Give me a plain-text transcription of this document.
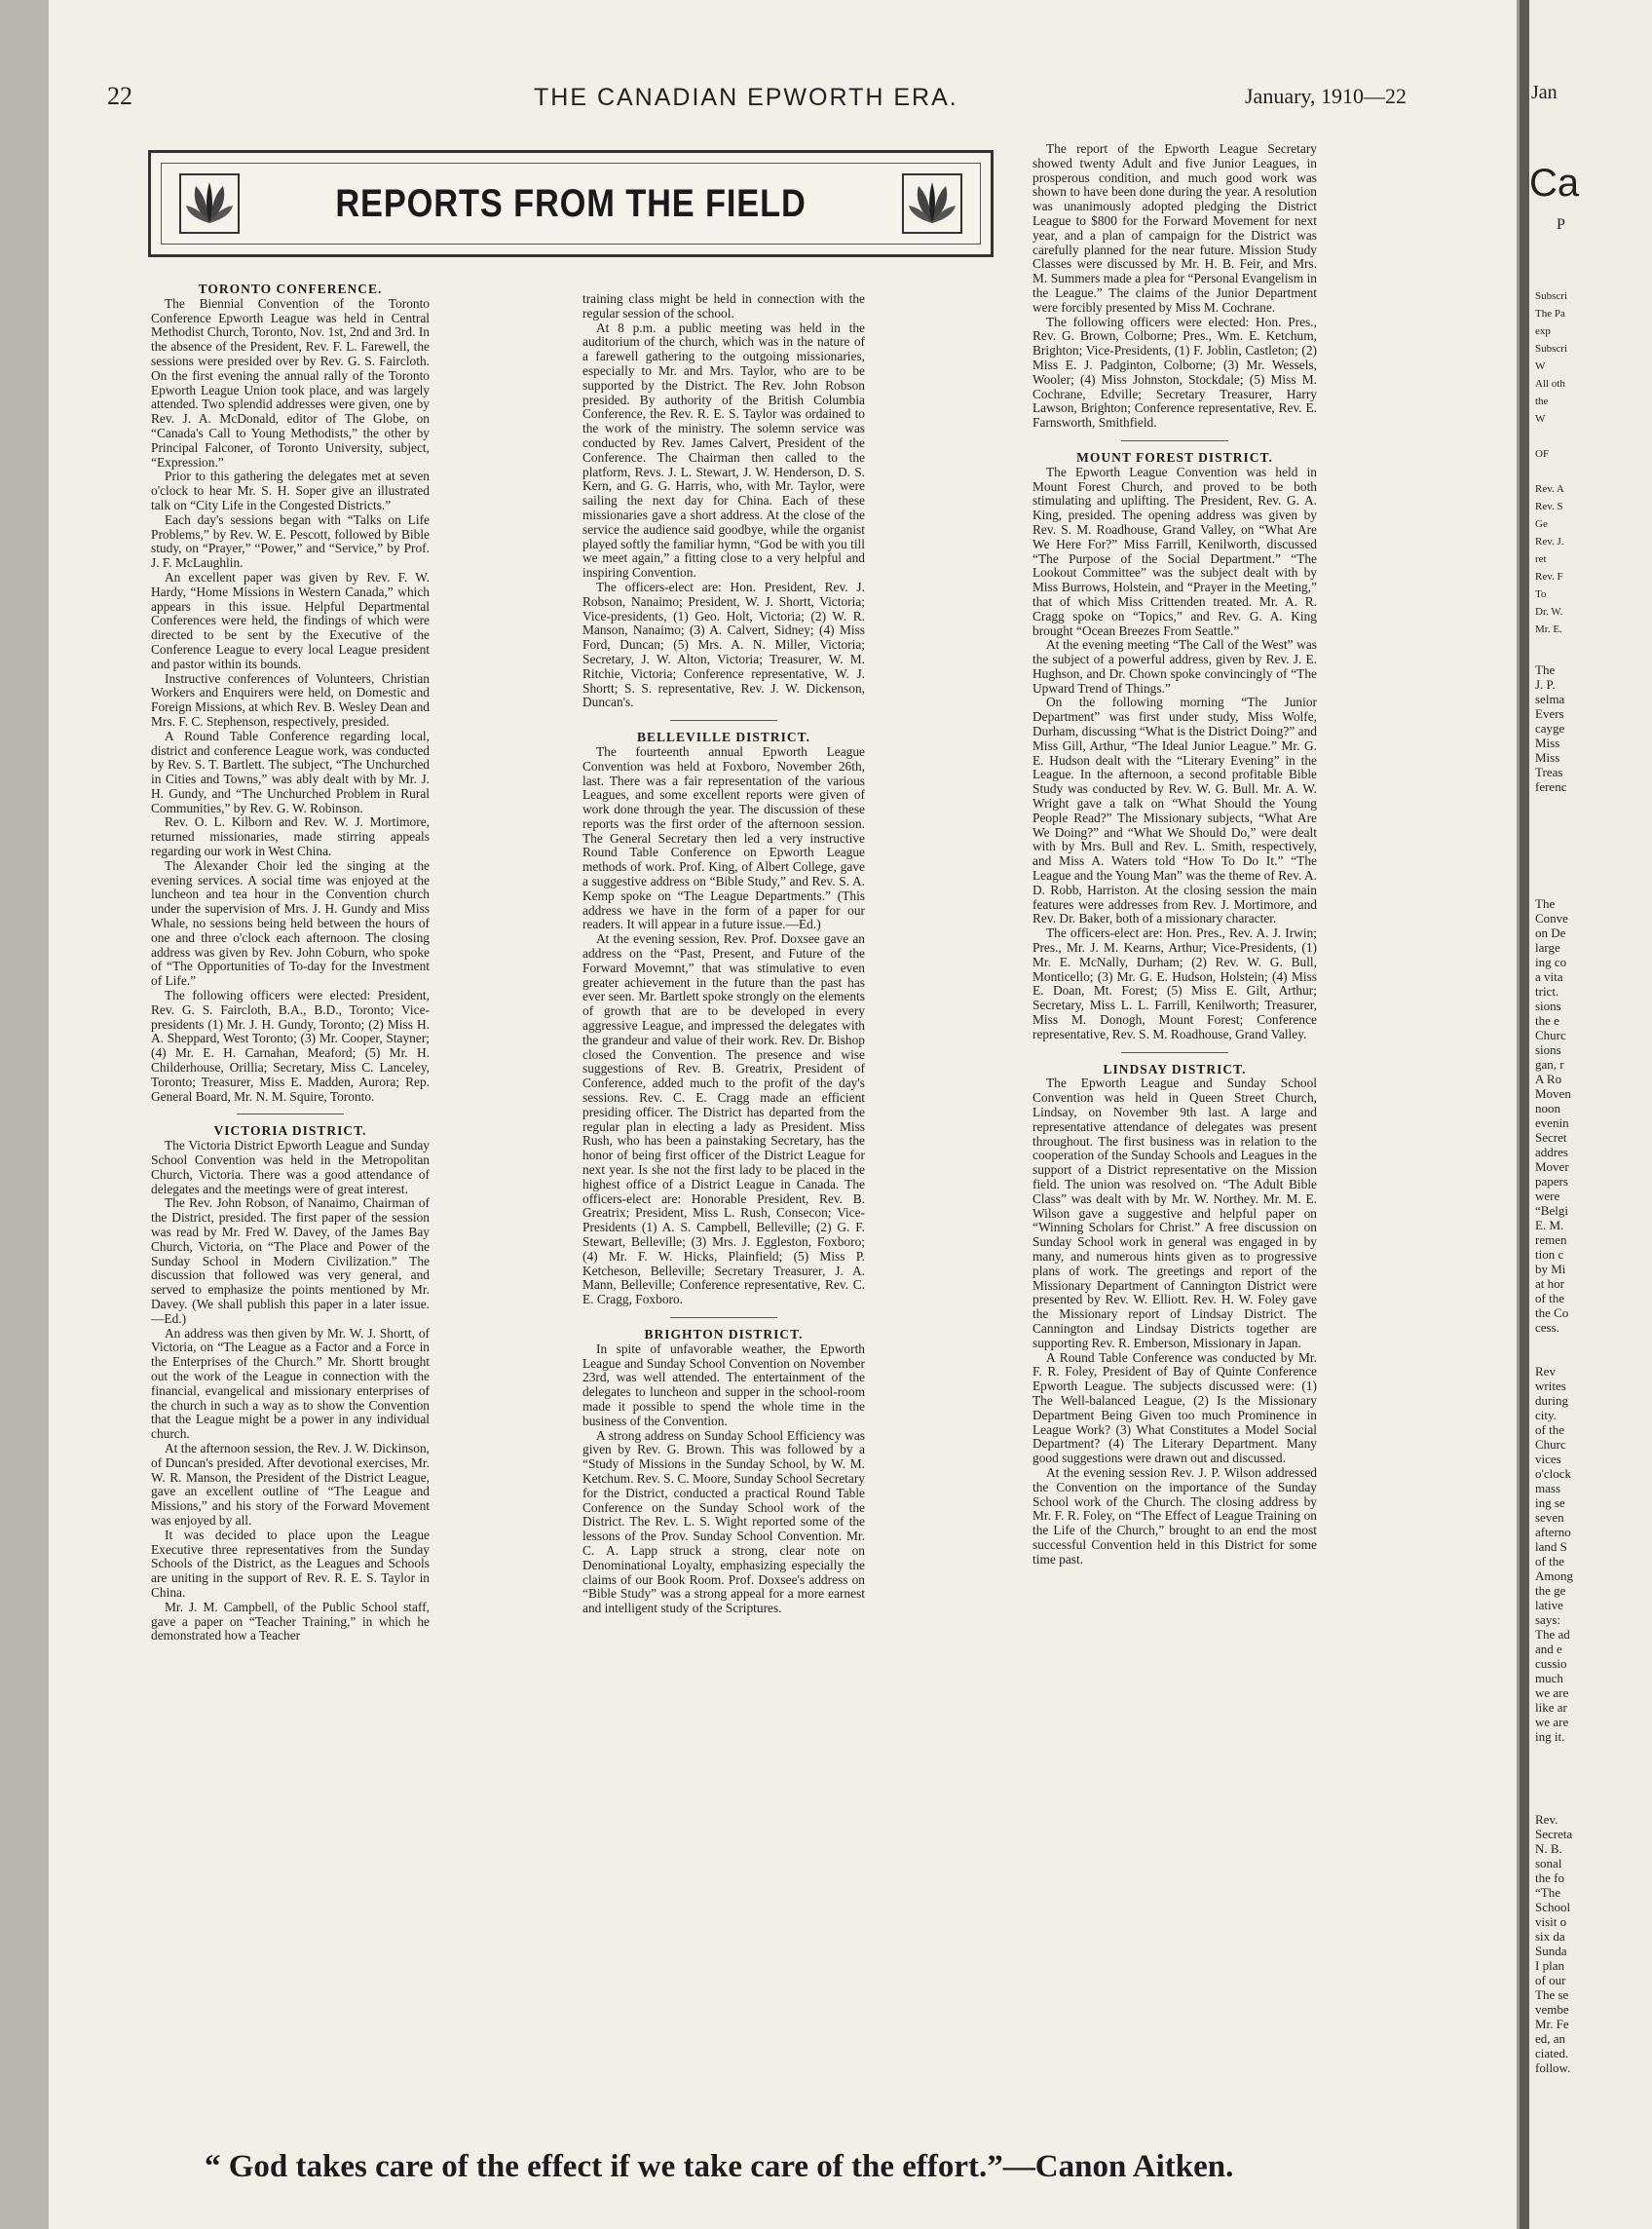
22	THE CANADIAN EPWORTH ERA.	January, 1910—22
REPORTS FROM THE FIELD

TORONTO CONFERENCE.

The Biennial Convention of the Toronto Conference Epworth League was held in Central Methodist Church, Toronto, Nov. 1st, 2nd and 3rd. In the absence of the President, Rev. F. L. Farewell, the sessions were presided over by Rev. G. S. Faircloth. On the first evening the annual rally of the Toronto Epworth League Union took place, and was largely attended. Two splendid addresses were given, one by Rev. J. A. McDonald, editor of The Globe, on “Canada's Call to Young Methodists,” the other by Principal Falconer, of Toronto University, subject, “Expression.”

Prior to this gathering the delegates met at seven o'clock to hear Mr. S. H. Soper give an illustrated talk on “City Life in the Congested Districts.”

Each day's sessions began with “Talks on Life Problems,” by Rev. W. E. Pescott, followed by Bible study, on “Prayer,” “Power,” and “Service,” by Prof. J. F. McLaughlin.

An excellent paper was given by Rev. F. W. Hardy, “Home Missions in Western Canada,” which appears in this issue. Helpful Departmental Conferences were held, the findings of which were directed to be sent by the Executive of the Conference League to every local League president and pastor within its bounds.

Instructive conferences of Volunteers, Christian Workers and Enquirers were held, on Domestic and Foreign Missions, at which Rev. B. Wesley Dean and Mrs. F. C. Stephenson, respectively, presided.

A Round Table Conference regarding local, district and conference League work, was conducted by Rev. S. T. Bartlett. The subject, “The Unchurched in Cities and Towns,” was ably dealt with by Mr. J. H. Gundy, and “The Unchurched Problem in Rural Communities,” by Rev. G. W. Robinson.

Rev. O. L. Kilborn and Rev. W. J. Mortimore, returned missionaries, made stirring appeals regarding our work in West China.

The Alexander Choir led the singing at the evening services. A social time was enjoyed at the luncheon and tea hour in the Convention church under the supervision of Mrs. J. H. Gundy and Miss Whale, no sessions being held between the hours of one and three o'clock each afternoon. The closing address was given by Rev. John Coburn, who spoke of “The Opportunities of To-day for the Investment of Life.”

The following officers were elected: President, Rev. G. S. Faircloth, B.A., B.D., Toronto; Vice-presidents (1) Mr. J. H. Gundy, Toronto; (2) Miss H. A. Sheppard, West Toronto; (3) Mr. Cooper, Stayner; (4) Mr. E. H. Carnahan, Meaford; (5) Mr. H. Childerhouse, Orillia; Secretary, Miss C. Lanceley, Toronto; Treasurer, Miss E. Madden, Aurora; Rep. General Board, Mr. N. M. Squire, Toronto.

VICTORIA DISTRICT.

The Victoria District Epworth League and Sunday School Convention was held in the Metropolitan Church, Victoria. There was a good attendance of delegates and the meetings were of great interest.

The Rev. John Robson, of Nanaimo, Chairman of the District, presided. The first paper of the session was read by Mr. Fred W. Davey, of the James Bay Church, Victoria, on “The Place and Power of the Sunday School in Modern Civilization.” The discussion that followed was very general, and served to emphasize the points mentioned by Mr. Davey. (We shall publish this paper in a later issue.—Ed.)

An address was then given by Mr. W. J. Shortt, of Victoria, on “The League as a Factor and a Force in the Enterprises of the Church.” Mr. Shortt brought out the work of the League in connection with the financial, evangelical and missionary enterprises of the church in such a way as to show the Convention that the League might be a power in any individual church.

At the afternoon session, the Rev. J. W. Dickinson, of Duncan's presided. After devotional exercises, Mr. W. R. Manson, the President of the District League, gave an excellent outline of “The League and Missions,” and his story of the Forward Movement was enjoyed by all.

It was decided to place upon the League Executive three representatives from the Sunday Schools of the District, as the Leagues and Schools are uniting in the support of Rev. R. E. S. Taylor in China.

Mr. J. M. Campbell, of the Public School staff, gave a paper on “Teacher Training,” in which he demonstrated how a Teacher

training class might be held in connection with the regular session of the school.

At 8 p.m. a public meeting was held in the auditorium of the church, which was in the nature of a farewell gathering to the outgoing missionaries, especially to Mr. and Mrs. Taylor, who are to be supported by the District. The Rev. John Robson presided. By authority of the British Columbia Conference, the Rev. R. E. S. Taylor was ordained to the work of the ministry. The solemn service was conducted by Rev. James Calvert, President of the Conference. The Chairman then called to the platform, Revs. J. L. Stewart, J. W. Henderson, D. S. Kern, and G. G. Harris, who, with Mr. Taylor, were sailing the next day for China. Each of these missionaries gave a short address. At the close of the service the audience said goodbye, while the organist played softly the familiar hymn, “God be with you till we meet again,” a fitting close to a very helpful and inspiring Convention.

The officers-elect are: Hon. President, Rev. J. Robson, Nanaimo; President, W. J. Shortt, Victoria; Vice-presidents, (1) Geo. Holt, Victoria; (2) W. R. Manson, Nanaimo; (3) A. Calvert, Sidney; (4) Miss Ford, Duncan; (5) Mrs. A. N. Miller, Victoria; Secretary, J. W. Alton, Victoria; Treasurer, W. M. Ritchie, Victoria; Conference representative, W. J. Shortt; S. S. representative, Rev. J. W. Dickenson, Duncan's.

BELLEVILLE DISTRICT.

The fourteenth annual Epworth League Convention was held at Foxboro, November 26th, last. There was a fair representation of the various Leagues, and some excellent reports were given of work done through the year. The discussion of these reports was the first order of the afternoon session. The General Secretary then led a very instructive Round Table Conference on Epworth League methods of work. Prof. King, of Albert College, gave a suggestive address on “Bible Study,” and Rev. S. A. Kemp spoke on “The League Departments.” (This address we have in the form of a paper for our readers. It will appear in a future issue.—Ed.)

At the evening session, Rev. Prof. Doxsee gave an address on the “Past, Present, and Future of the Forward Movemnt,” that was stimulative to even greater achievement in the future than the past has ever seen. Mr. Bartlett spoke strongly on the elements of growth that are to be developed in every aggressive League, and impressed the delegates with the grandeur and value of their work. Rev. Dr. Bishop closed the Convention. The presence and wise suggestions of Rev. B. Greatrix, President of Conference, added much to the profit of the day's sessions. Rev. C. E. Cragg made an efficient presiding officer. The District has departed from the regular plan in electing a lady as President. Miss Rush, who has been a painstaking Secretary, has the honor of being first officer of the District League for next year. Is she not the first lady to be placed in the highest office of a District League in Canada. The officers-elect are: Honorable President, Rev. B. Greatrix; President, Miss L. Rush, Consecon; Vice-Presidents (1) A. S. Campbell, Belleville; (2) G. F. Stewart, Belleville; (3) Mrs. J. Eggleston, Foxboro; (4) Mr. F. W. Hicks, Plainfield; (5) Miss P. Ketcheson, Belleville; Secretary Treasurer, J. A. Mann, Belleville; Conference representative, Rev. C. E. Cragg, Foxboro.

BRIGHTON DISTRICT.

In spite of unfavorable weather, the Epworth League and Sunday School Convention on November 23rd, was well attended. The entertainment of the delegates to luncheon and supper in the school-room made it possible to spend the whole time in the business of the Convention.

A strong address on Sunday School Efficiency was given by Rev. G. Brown. This was followed by a “Study of Missions in the Sunday School, by W. M. Ketchum. Rev. S. C. Moore, Sunday School Secretary for the District, conducted a practical Round Table Conference on the Sunday School work of the District. The Rev. L. S. Wight reported some of the lessons of the Prov. Sunday School Convention. Mr. C. A. Lapp struck a strong, clear note on Denominational Loyalty, emphasizing especially the claims of our Book Room. Prof. Doxsee's address on “Bible Study” was a strong appeal for a more earnest and intelligent study of the Scriptures.

The report of the Epworth League Secretary showed twenty Adult and five Junior Leagues, in prosperous condition, and much good work was shown to have been done during the year. A resolution was unanimously adopted pledging the District League to $800 for the Forward Movement for next year, and a plan of campaign for the District was carefully planned for the near future. Mission Study Classes were discussed by Mr. H. B. Feir, and Mrs. M. Summers made a plea for “Personal Evangelism in the League.” The claims of the Junior Department were forcibly presented by Miss M. Cochrane.

The following officers were elected: Hon. Pres., Rev. G. Brown, Colborne; Pres., Wm. E. Ketchum, Brighton; Vice-Presidents, (1) F. Joblin, Castleton; (2) Miss E. J. Padginton, Colborne; (3) Mr. Wessels, Wooler; (4) Miss Johnston, Stockdale; (5) Miss M. Cochrane, Edville; Secretary Treasurer, Harry Lawson, Brighton; Conference representative, Rev. E. Farnsworth, Smithfield.

MOUNT FOREST DISTRICT.

The Epworth League Convention was held in Mount Forest Church, and proved to be both stimulating and uplifting. The President, Rev. G. A. King, presided. The opening address was given by Rev. S. M. Roadhouse, Grand Valley, on “What Are We Here For?” Miss Farrill, Kenilworth, discussed “The Purpose of the Social Department.” “The Lookout Committee” was the subject dealt with by Miss Burrows, Holstein, and “Prayer in the Meeting,” that of which Miss Crittenden treated. Mr. A. R. Cragg spoke on “Topics,” and Rev. G. A. King brought “Ocean Breezes From Seattle.”

At the evening meeting “The Call of the West” was the subject of a powerful address, given by Rev. J. E. Hughson, and Dr. Chown spoke convincingly of “The Upward Trend of Things.”

On the following morning “The Junior Department” was first under study, Miss Wolfe, Durham, discussing “What is the District Doing?” and Miss Gill, Arthur, “The Ideal Junior League.” Mr. G. E. Hudson dealt with the “Literary Evening” in the League. In the afternoon, a second profitable Bible Study was conducted by Rev. W. G. Bull. Mr. A. W. Wright gave a talk on “What Should the Young People Read?” The Missionary subjects, “What Are We Doing?” and “What We Should Do,” were dealt with by Mrs. Bull and Rev. L. Smith, respectively, and Miss A. Waters told “How To Do It.” “The League and the Young Man” was the theme of Rev. A. D. Robb, Harriston. At the closing session the main features were addresses from Rev. J. Mortimore, and Rev. Dr. Baker, both of a missionary character.

The officers-elect are: Hon. Pres., Rev. A. J. Irwin; Pres., Mr. J. M. Kearns, Arthur; Vice-Presidents, (1) Mr. E. McNally, Durham; (2) Rev. W. G. Bull, Monticello; (3) Mr. G. E. Hudson, Holstein; (4) Miss E. Doan, Mt. Forest; (5) Miss E. Gilt, Arthur; Secretary, Miss L. L. Farrill, Kenilworth; Treasurer, Miss M. Donogh, Mount Forest; Conference representative, Rev. S. M. Roadhouse, Grand Valley.

LINDSAY DISTRICT.

The Epworth League and Sunday School Convention was held in Queen Street Church, Lindsay, on November 9th last. A large and representative attendance of delegates was present throughout. The first business was in relation to the cooperation of the Sunday Schools and Leagues in the support of a District representative on the Mission field. The union was resolved on. “The Adult Bible Class” was dealt with by Mr. W. Northey. Mr. M. E. Wilson gave a suggestive and helpful paper on “Winning Scholars for Christ.” A free discussion on Sunday School work in general was engaged in by many, and numerous hints given as to progressive plans of work. The greetings and report of the Missionary Department of Cannington District were presented by Rev. W. Elliott. Rev. H. W. Foley gave the Missionary report of Lindsay District. The Cannington and Lindsay Districts together are supporting Rev. R. Emberson, Missionary in Japan.

A Round Table Conference was conducted by Mr. F. R. Foley, President of Bay of Quinte Conference Epworth League. The subjects discussed were: (1) The Well-balanced League, (2) Is the Missionary Department Being Given too much Prominence in League Work? (3) What Constitutes a Model Social Department? (4) The Literary Department. Many good suggestions were drawn out and discussed.

At the evening session Rev. J. P. Wilson addressed the Convention on the importance of the Sunday School work of the Church. The closing address by Mr. F. R. Foley, on “The Effect of League Training on the Life of the Church,” brought to an end the most successful Convention held in this District for some time past.

“ God takes care of the effect if we take care of the effort.”—Canon Aitken.
Jan
Ca
P
Subscri
The Pa
exp
Subscri
W
All oth
the
W
OF
Rev. A
Rev. S
Ge
Rev. J.
ret
Rev. F
To
Dr. W.
Mr. E.
The
J. P.
selma
Evers
cayge
Miss
Miss
Treas
ferenc
The
Conve
on De
large
ing co
a vita
trict.
sions
the e
Churc
sions
gan, r
A Ro
Moven
noon
evenin
Secret
addres
Mover
papers
were
“Belgi
E. M.
remen
tion c
by Mi
at hor
of the
the Co
cess.
Rev
writes
during
city.
of the
Churc
vices
o'clock
mass
ing se
seven
afterno
land S
of the
Among
the ge
lative
says:
The ad
and e
cussio
much
we are
like ar
we are
ing it.
Rev.
Secreta
N. B.
sonal
the fo
“The
School
visit o
six da
Sunda
I plan
of our
The se
vembe
Mr. Fe
ed, an
ciated.
follow.
